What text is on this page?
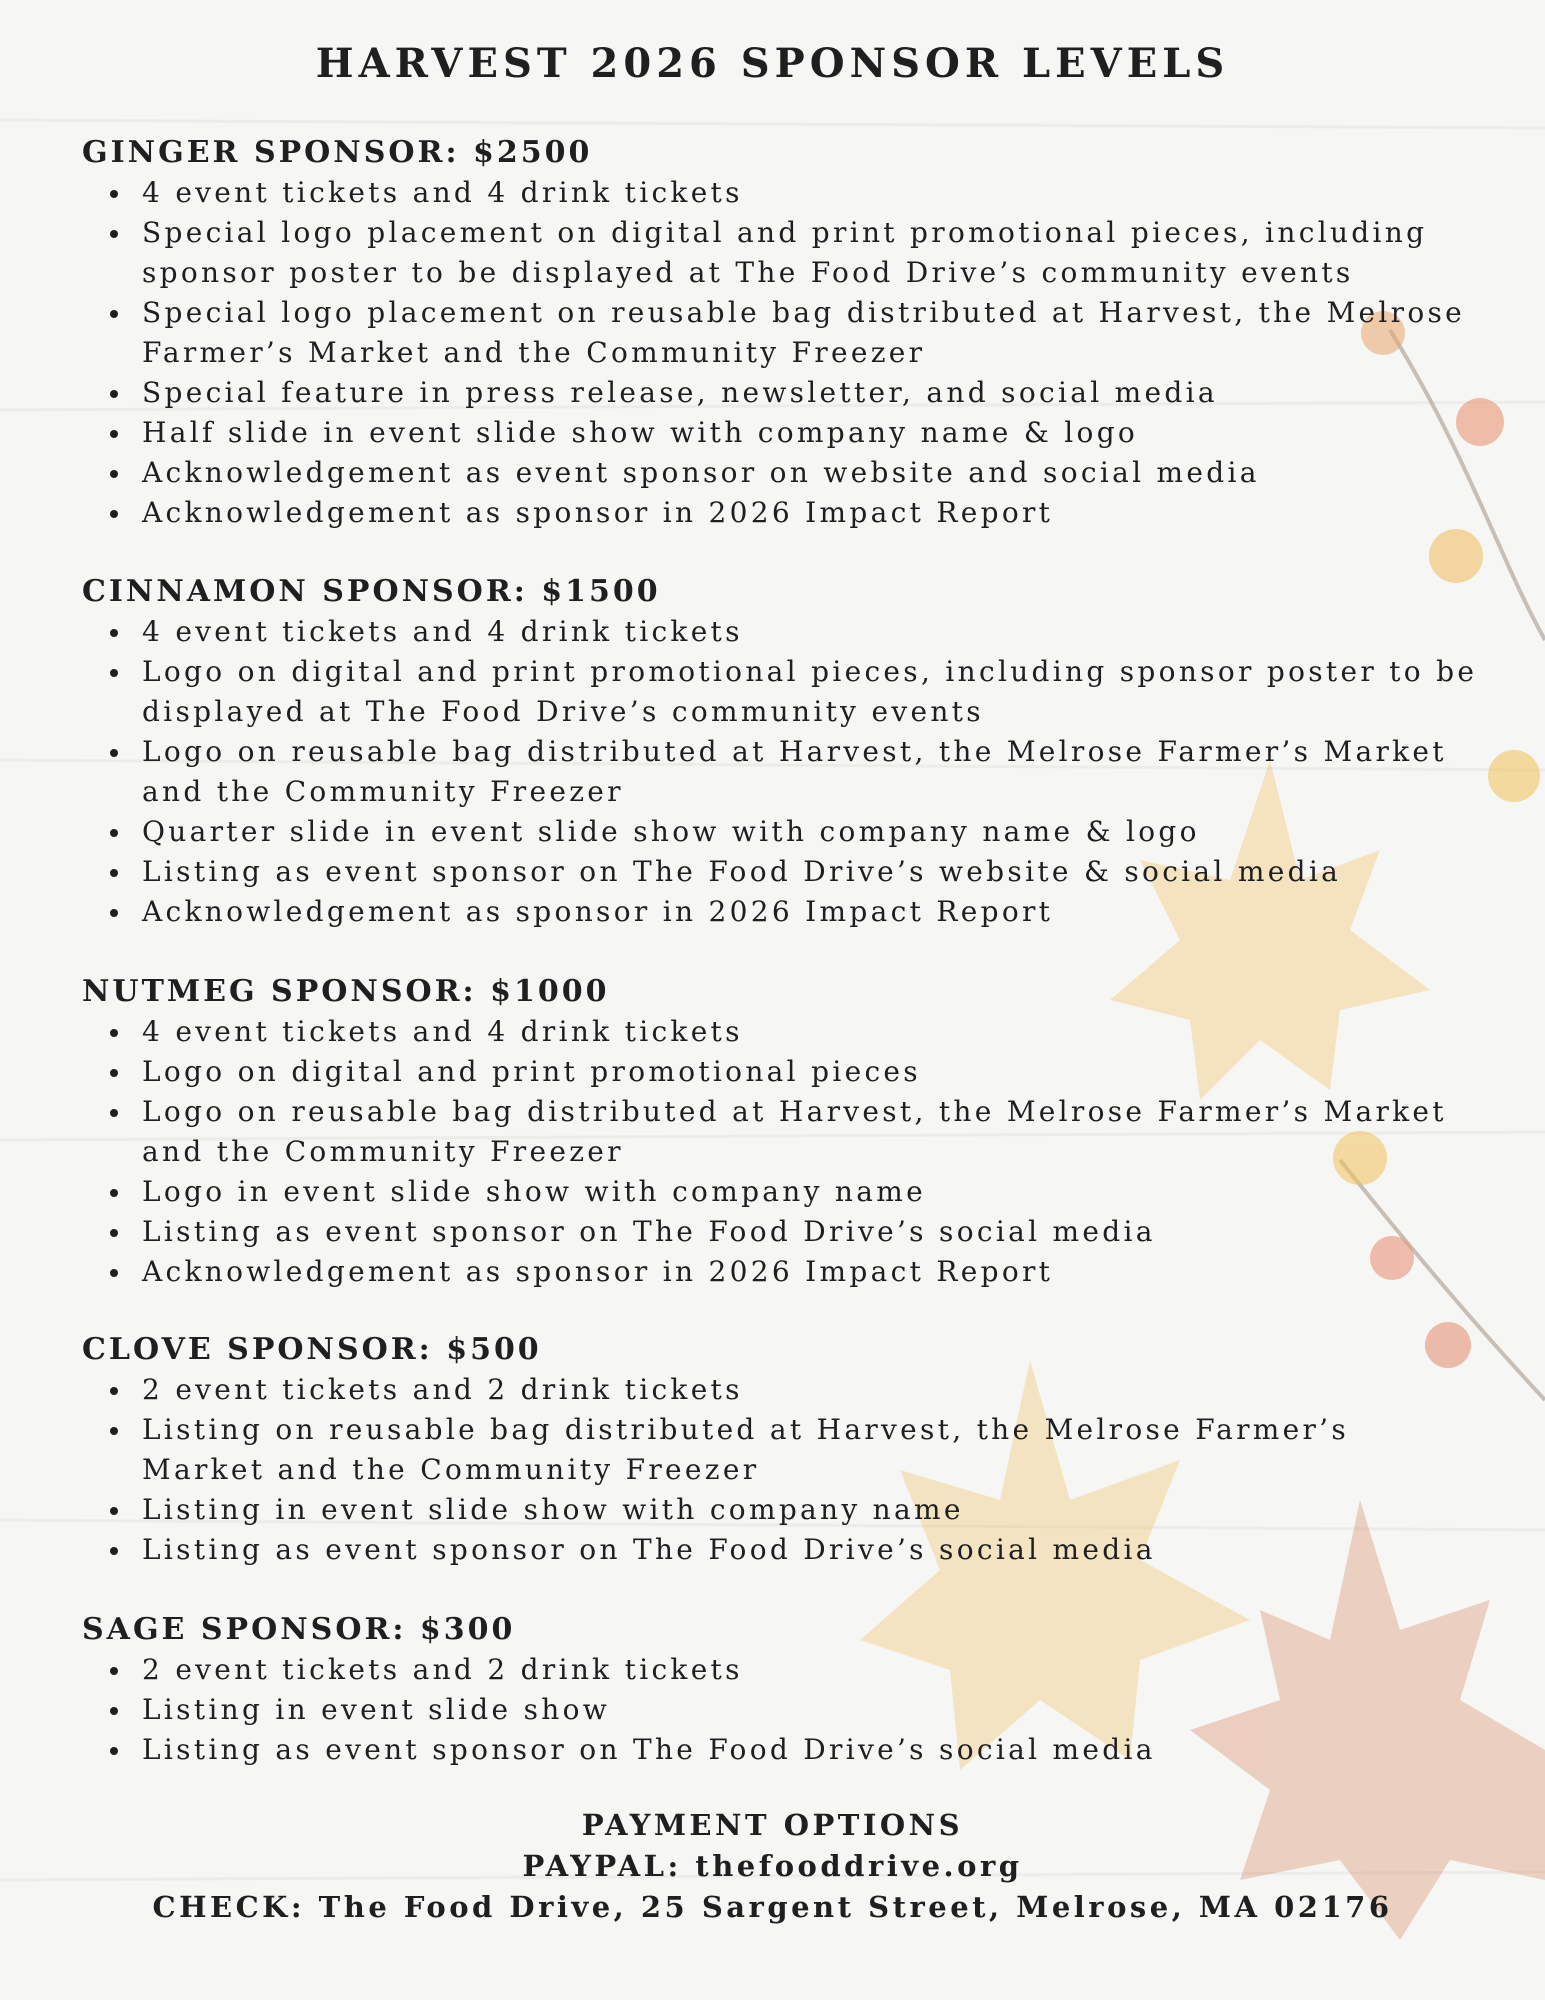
HARVEST 2026 SPONSOR LEVELS
GINGER SPONSOR: $2500
4 event tickets and 4 drink tickets
Special logo placement on digital and print promotional pieces, including sponsor poster to be displayed at The Food Drive’s community events
Special logo placement on reusable bag distributed at Harvest, the Melrose Farmer’s Market and the Community Freezer
Special feature in press release, newsletter, and social media
Half slide in event slide show with company name & logo
Acknowledgement as event sponsor on website and social media
Acknowledgement as sponsor in 2026 Impact Report
CINNAMON SPONSOR: $1500
4 event tickets and 4 drink tickets
Logo on digital and print promotional pieces, including sponsor poster to be displayed at The Food Drive’s community events
Logo on reusable bag distributed at Harvest, the Melrose Farmer’s Market and the Community Freezer
Quarter slide in event slide show with company name & logo
Listing as event sponsor on The Food Drive’s website & social media
Acknowledgement as sponsor in 2026 Impact Report
NUTMEG SPONSOR: $1000
4 event tickets and 4 drink tickets
Logo on digital and print promotional pieces
Logo on reusable bag distributed at Harvest, the Melrose Farmer’s Market and the Community Freezer
Logo in event slide show with company name
Listing as event sponsor on The Food Drive’s social media
Acknowledgement as sponsor in 2026 Impact Report
CLOVE SPONSOR: $500
2 event tickets and 2 drink tickets
Listing on reusable bag distributed at Harvest, the Melrose Farmer’s Market and the Community Freezer
Listing in event slide show with company name
Listing as event sponsor on The Food Drive’s social media
SAGE SPONSOR: $300
2 event tickets and 2 drink tickets
Listing in event slide show
Listing as event sponsor on The Food Drive’s social media
PAYMENT OPTIONS
PAYPAL: thefooddrive.org
CHECK: The Food Drive, 25 Sargent Street, Melrose, MA 02176
